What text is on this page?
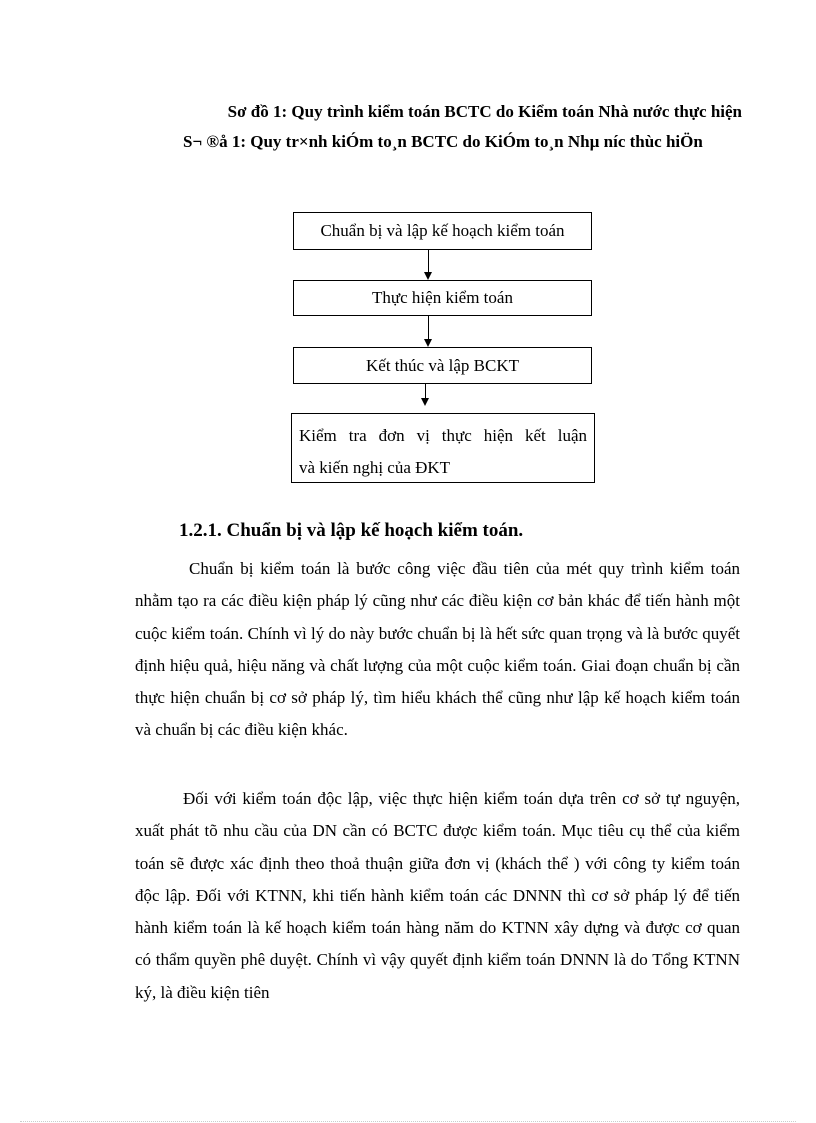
Sơ đồ 1: Quy trình kiểm toán BCTC do Kiểm toán Nhà nước thực hiện
S¬ ®å 1: Quy tr×nh kiÓm to¸n BCTC do KiÓm to¸n Nhµ níc thùc hiÖn
Chuẩn bị và lập kế hoạch kiểm toán
Thực hiện kiểm toán
Kết thúc và lập BCKT
Kiểm tra đơn vị thực hiện kết luận
và kiến nghị của ĐKT
1.2.1. Chuẩn bị và lập kế hoạch kiểm toán.

Chuẩn bị kiểm toán là bước công việc đầu tiên của mét quy trình kiểm toán nhằm tạo ra các điều kiện pháp lý cũng như các điều kiện cơ bản khác để tiến hành một cuộc kiểm toán. Chính vì lý do này bước chuẩn bị là hết sức quan trọng và là bước quyết định hiệu quả, hiệu năng và chất lượng của một cuộc kiểm toán. Giai đoạn chuẩn bị cần thực hiện chuẩn bị cơ sở pháp lý, tìm hiểu khách thể cũng như lập kế hoạch kiểm toán và chuẩn bị các điều kiện khác.

Đối với kiểm toán độc lập, việc thực hiện kiểm toán dựa trên cơ sở tự nguyện, xuất phát tõ nhu cầu của DN cần có BCTC được kiểm toán. Mục tiêu cụ thể của kiểm toán sẽ được xác định theo thoả thuận giữa đơn vị (khách thể ) với công ty kiểm toán độc lập. Đối với KTNN, khi tiến hành kiểm toán các DNNN thì cơ sở pháp lý để tiến hành kiểm toán là kế hoạch kiểm toán hàng năm do KTNN xây dựng và được cơ quan có thẩm quyền phê duyệt. Chính vì vậy quyết định kiểm toán DNNN là do Tổng KTNN ký, là điều kiện tiên
